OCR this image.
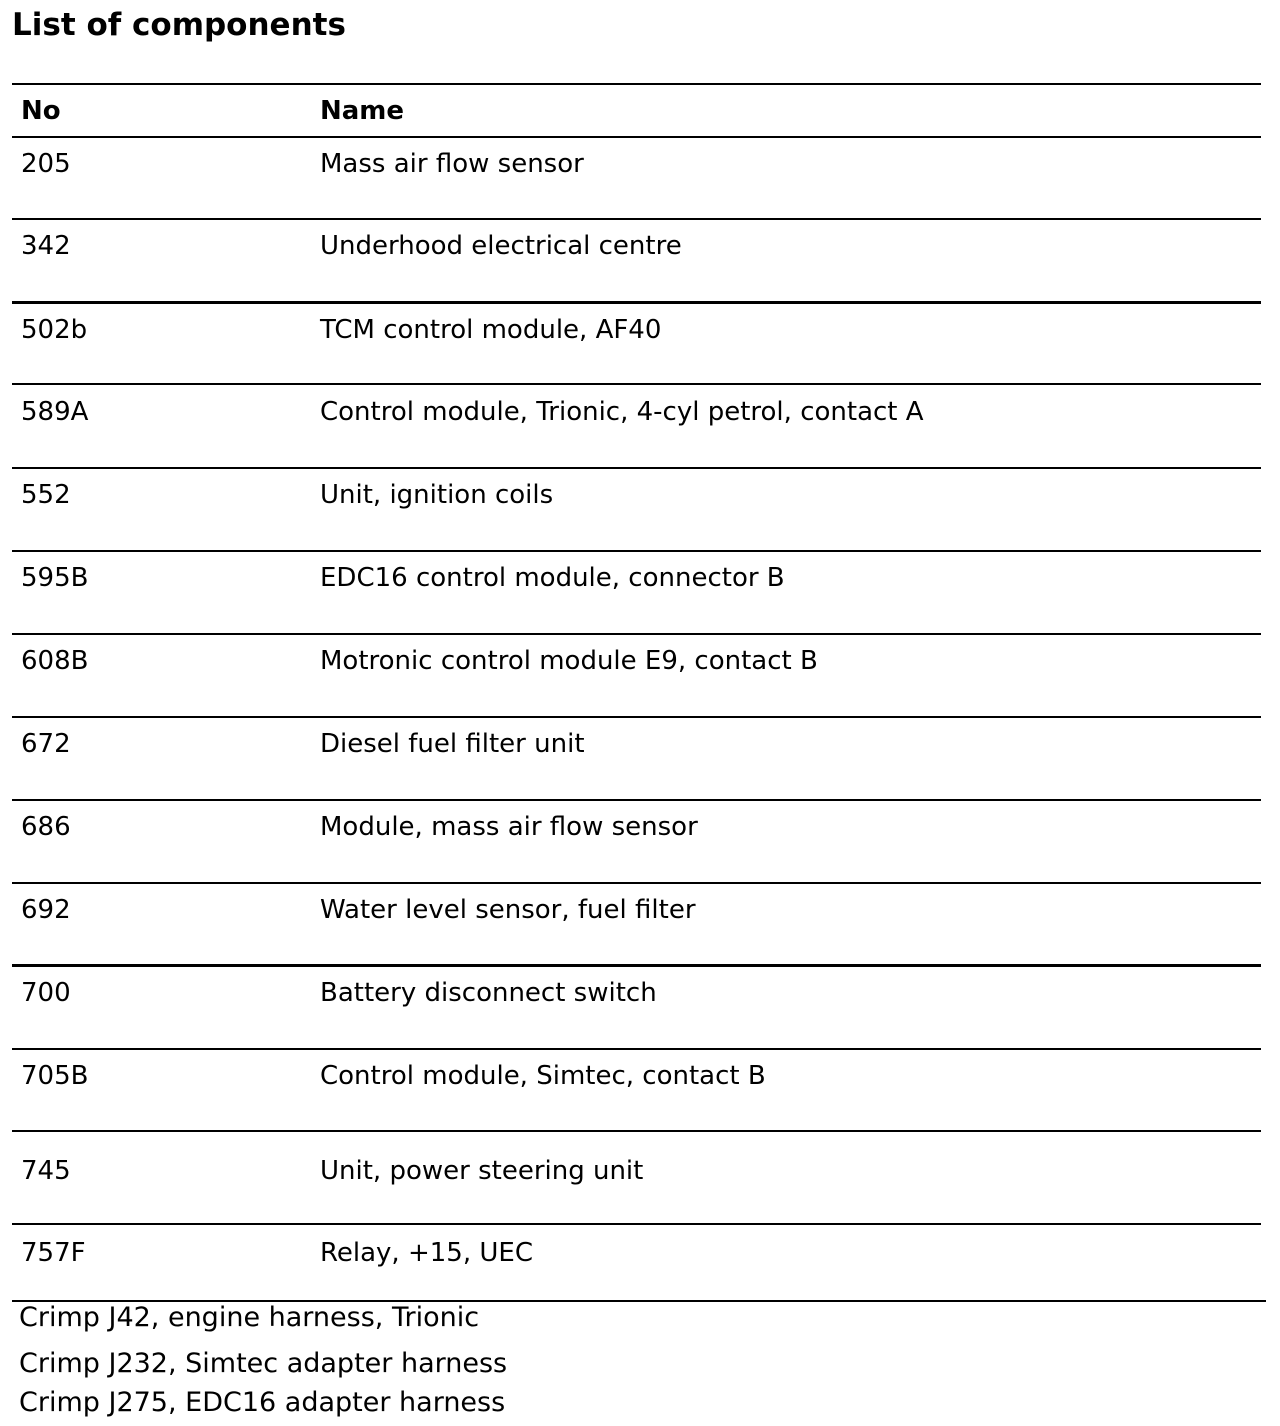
List of components
No	Name
205	Mass air flow sensor
342	Underhood electrical centre
502b	TCM control module, AF40
589A	Control module, Trionic, 4-cyl petrol, contact A
552	Unit, ignition coils
595B	EDC16 control module, connector B
608B	Motronic control module E9, contact B
672	Diesel fuel filter unit
686	Module, mass air flow sensor
692	Water level sensor, fuel filter
700	Battery disconnect switch
705B	Control module, Simtec, contact B
745	Unit, power steering unit
757F	Relay, +15, UEC
Crimp J42, engine harness, Trionic
Crimp J232, Simtec adapter harness
Crimp J275, EDC16 adapter harness
